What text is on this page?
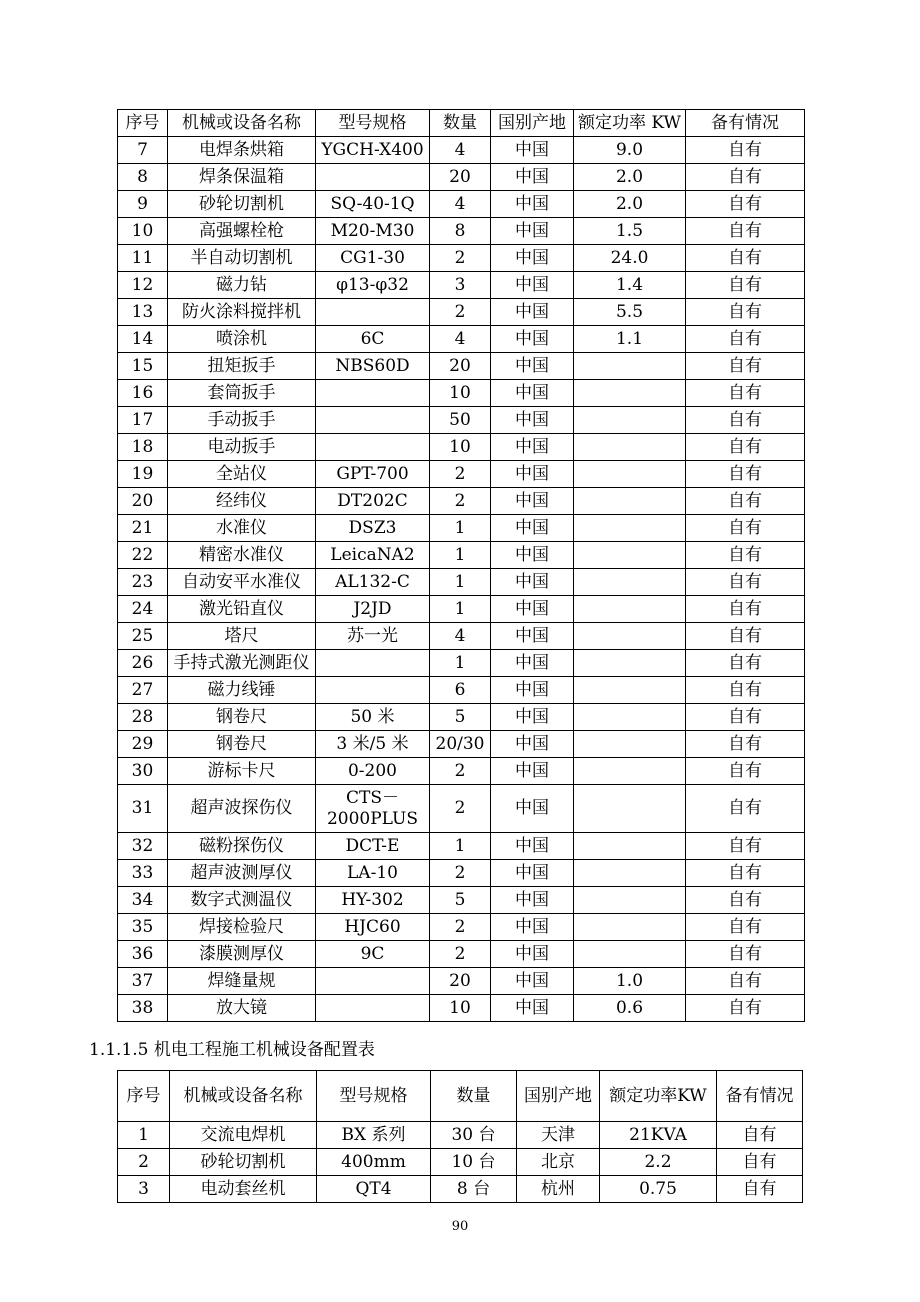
序号	机械或设备名称	型号规格	数量	国别产地	额定功率 KW	备有情况
7	电焊条烘箱	YGCH-X400	4	中国	9.0	自有
8	焊条保温箱		20	中国	2.0	自有
9	砂轮切割机	SQ-40-1Q	4	中国	2.0	自有
10	高强螺栓枪	M20-M30	8	中国	1.5	自有
11	半自动切割机	CG1-30	2	中国	24.0	自有
12	磁力钻	φ13-φ32	3	中国	1.4	自有
13	防火涂料搅拌机		2	中国	5.5	自有
14	喷涂机	6C	4	中国	1.1	自有
15	扭矩扳手	NBS60D	20	中国		自有
16	套筒扳手		10	中国		自有
17	手动扳手		50	中国		自有
18	电动扳手		10	中国		自有
19	全站仪	GPT-700	2	中国		自有
20	经纬仪	DT202C	2	中国		自有
21	水准仪	DSZ3	1	中国		自有
22	精密水准仪	LeicaNA2	1	中国		自有
23	自动安平水准仪	AL132-C	1	中国		自有
24	激光铅直仪	J2JD	1	中国		自有
25	塔尺	苏一光	4	中国		自有
26	手持式激光测距仪		1	中国		自有
27	磁力线锤		6	中国		自有
28	钢卷尺	50 米	5	中国		自有
29	钢卷尺	3 米/5 米	20/30	中国		自有
30	游标卡尺	0-200	2	中国		自有
31	超声波探伤仪	CTS－2000PLUS	2	中国		自有
32	磁粉探伤仪	DCT-E	1	中国		自有
33	超声波测厚仪	LA-10	2	中国		自有
34	数字式测温仪	HY-302	5	中国		自有
35	焊接检验尺	HJC60	2	中国		自有
36	漆膜测厚仪	9C	2	中国		自有
37	焊缝量规		20	中国	1.0	自有
38	放大镜		10	中国	0.6	自有
1.1.1.5 机电工程施工机械设备配置表
序号	机械或设备名称	型号规格	数量	国别产地	额定功率KW	备有情况
1	交流电焊机	BX 系列	30 台	天津	21KVA	自有
2	砂轮切割机	400mm	10 台	北京	2.2	自有
3	电动套丝机	QT4	8 台	杭州	0.75	自有
90
